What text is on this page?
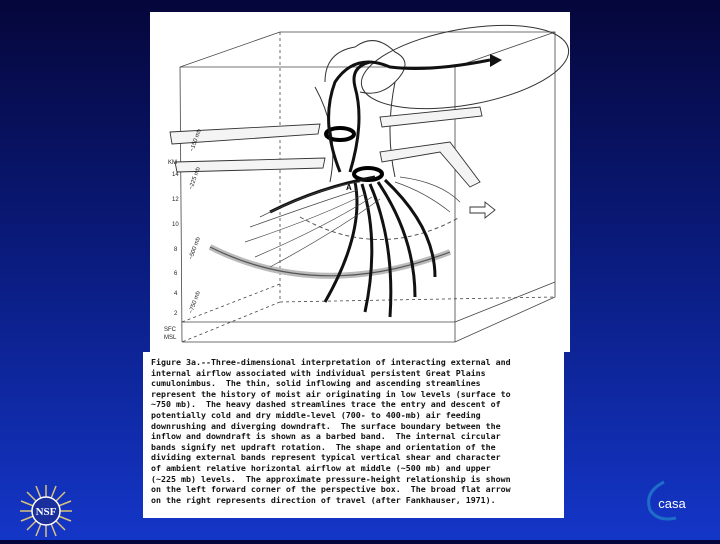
A
KM
14
12
10
8
6
4
2
SFC
MSL
~150 mb
~225 mb
~500 mb
~750 mb

Figure 3a.--Three-dimensional interpretation of interacting external and

internal airflow associated with individual persistent Great Plains

cumulonimbus.  The thin, solid inflowing and ascending streamlines

represent the history of moist air originating in low levels (surface to

~750 mb).  The heavy dashed streamlines trace the entry and descent of

potentially cold and dry middle-level (700- to 400-mb) air feeding

downrushing and diverging downdraft.  The surface boundary between the

inflow and downdraft is shown as a barbed band.  The internal circular

bands signify net updraft rotation.  The shape and orientation of the

dividing external bands represent typical vertical shear and character

of ambient relative horizontal airflow at middle (~500 mb) and upper

(~225 mb) levels.  The approximate pressure-height relationship is shown

on the left forward corner of the perspective box.  The broad flat arrow

on the right represents direction of travel (after Fankhauser, 1971).

NSF
casa
